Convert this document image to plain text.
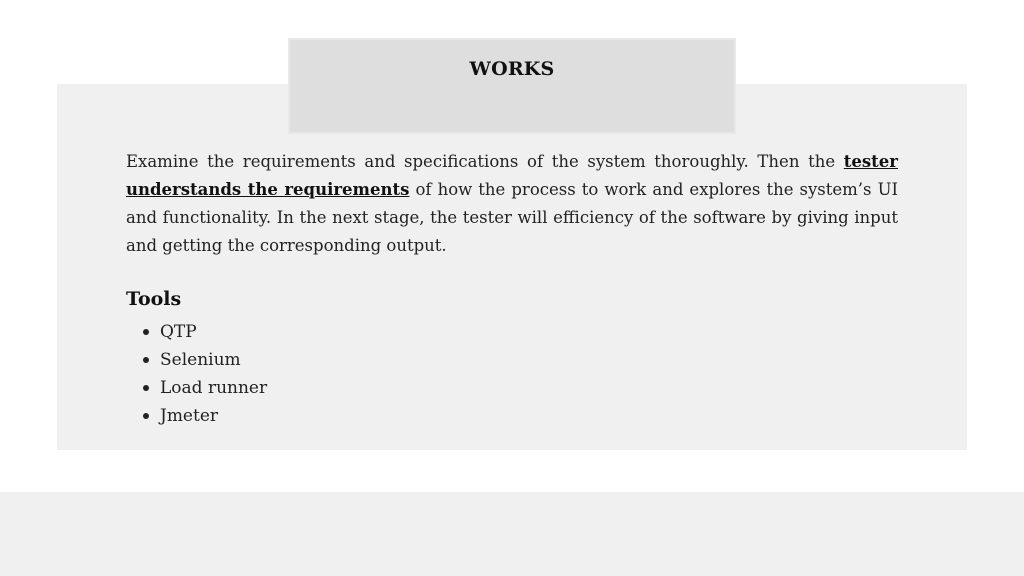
WORKS

Examine the requirements and specifications of the system thoroughly. Then the tester understands the requirements of how the process to work and explores the system’s UI and functionality. In the next stage, the tester will efficiency of the software by giving input and getting the corresponding output.

Tools
QTP
Selenium
Load runner
Jmeter
